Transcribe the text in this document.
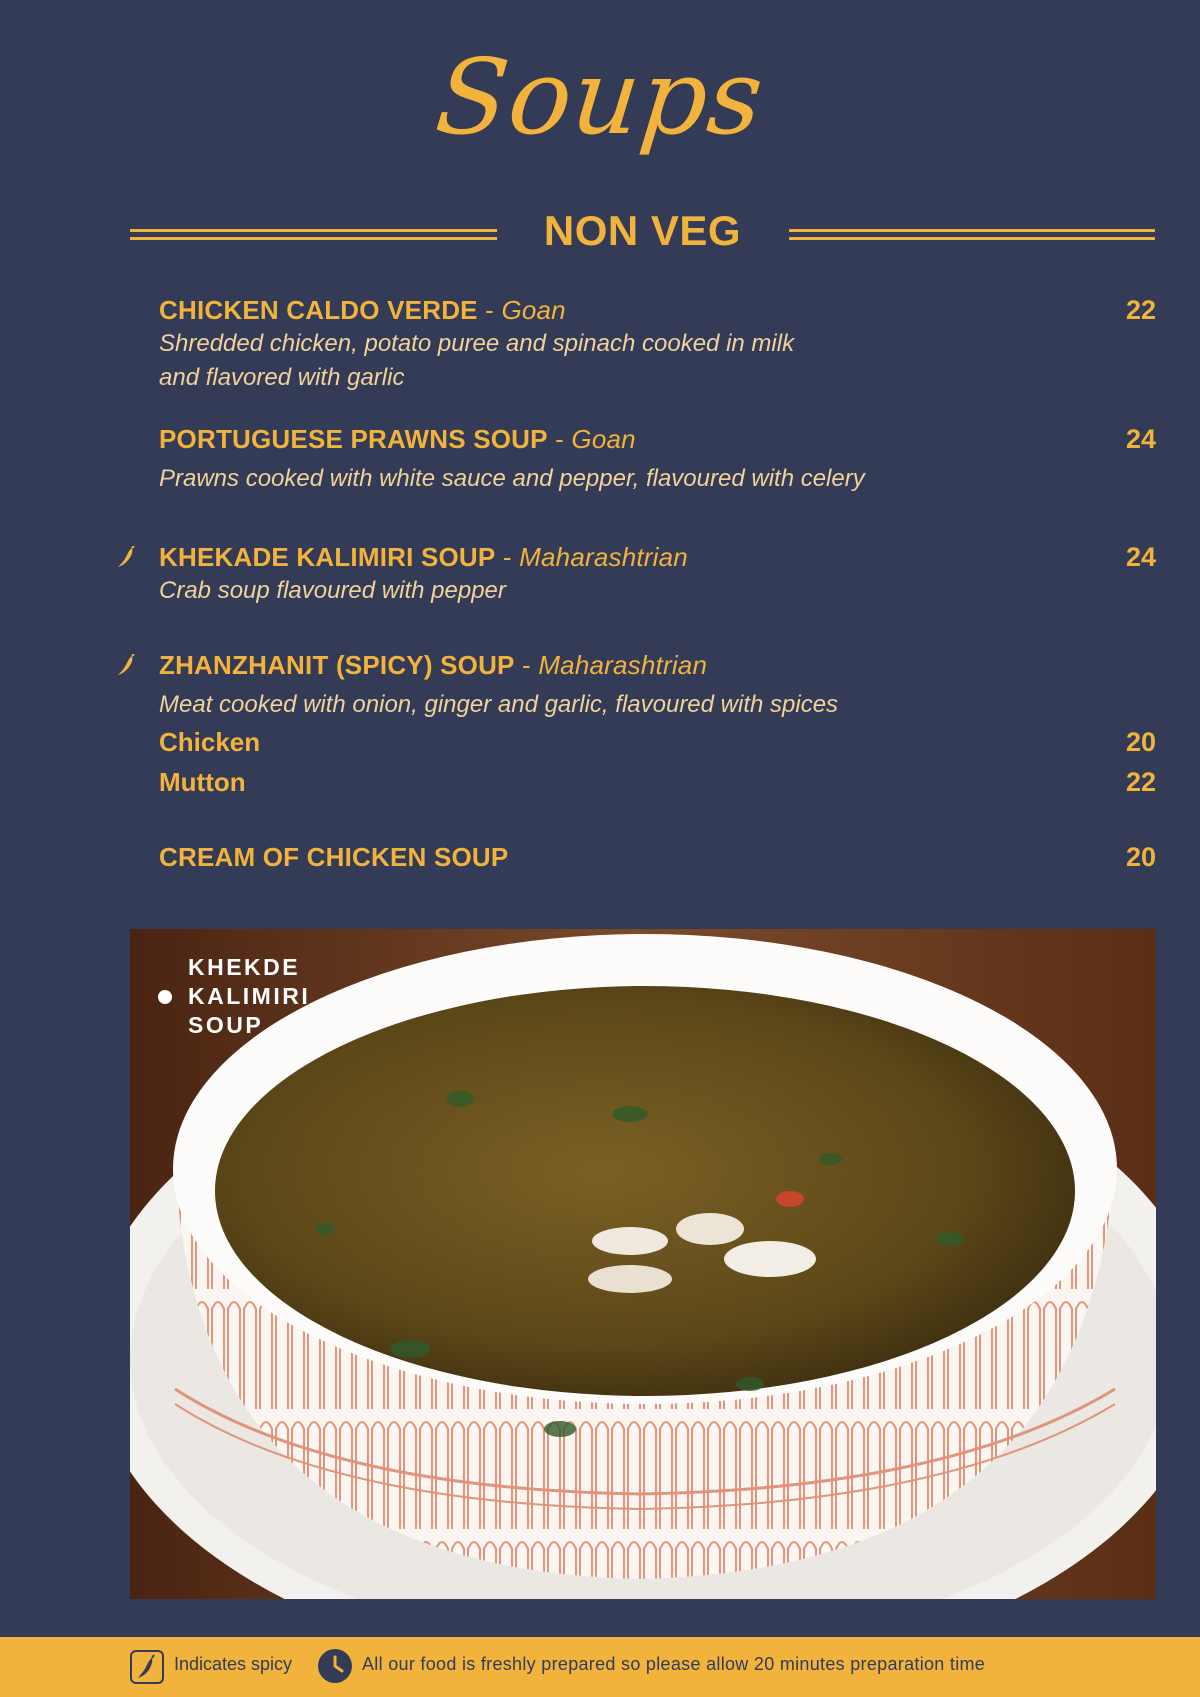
Soups
NON VEG
CHICKEN CALDO VERDE - Goan	22
Shredded chicken, potato puree and spinach cooked in milk
and flavored with garlic
PORTUGUESE PRAWNS SOUP - Goan	24
Prawns cooked with white sauce and pepper, flavoured with celery
KHEKADE KALIMIRI SOUP - Maharashtrian	24
Crab soup flavoured with pepper
ZHANZHANIT (SPICY) SOUP - Maharashtrian
Meat cooked with onion, ginger and garlic, flavoured with spices
Chicken	20
Mutton	22
CREAM OF CHICKEN SOUP	20
KHEKDE
KALIMIRI
SOUP
Indicates spicy	All our food is freshly prepared so please allow 20 minutes preparation time
